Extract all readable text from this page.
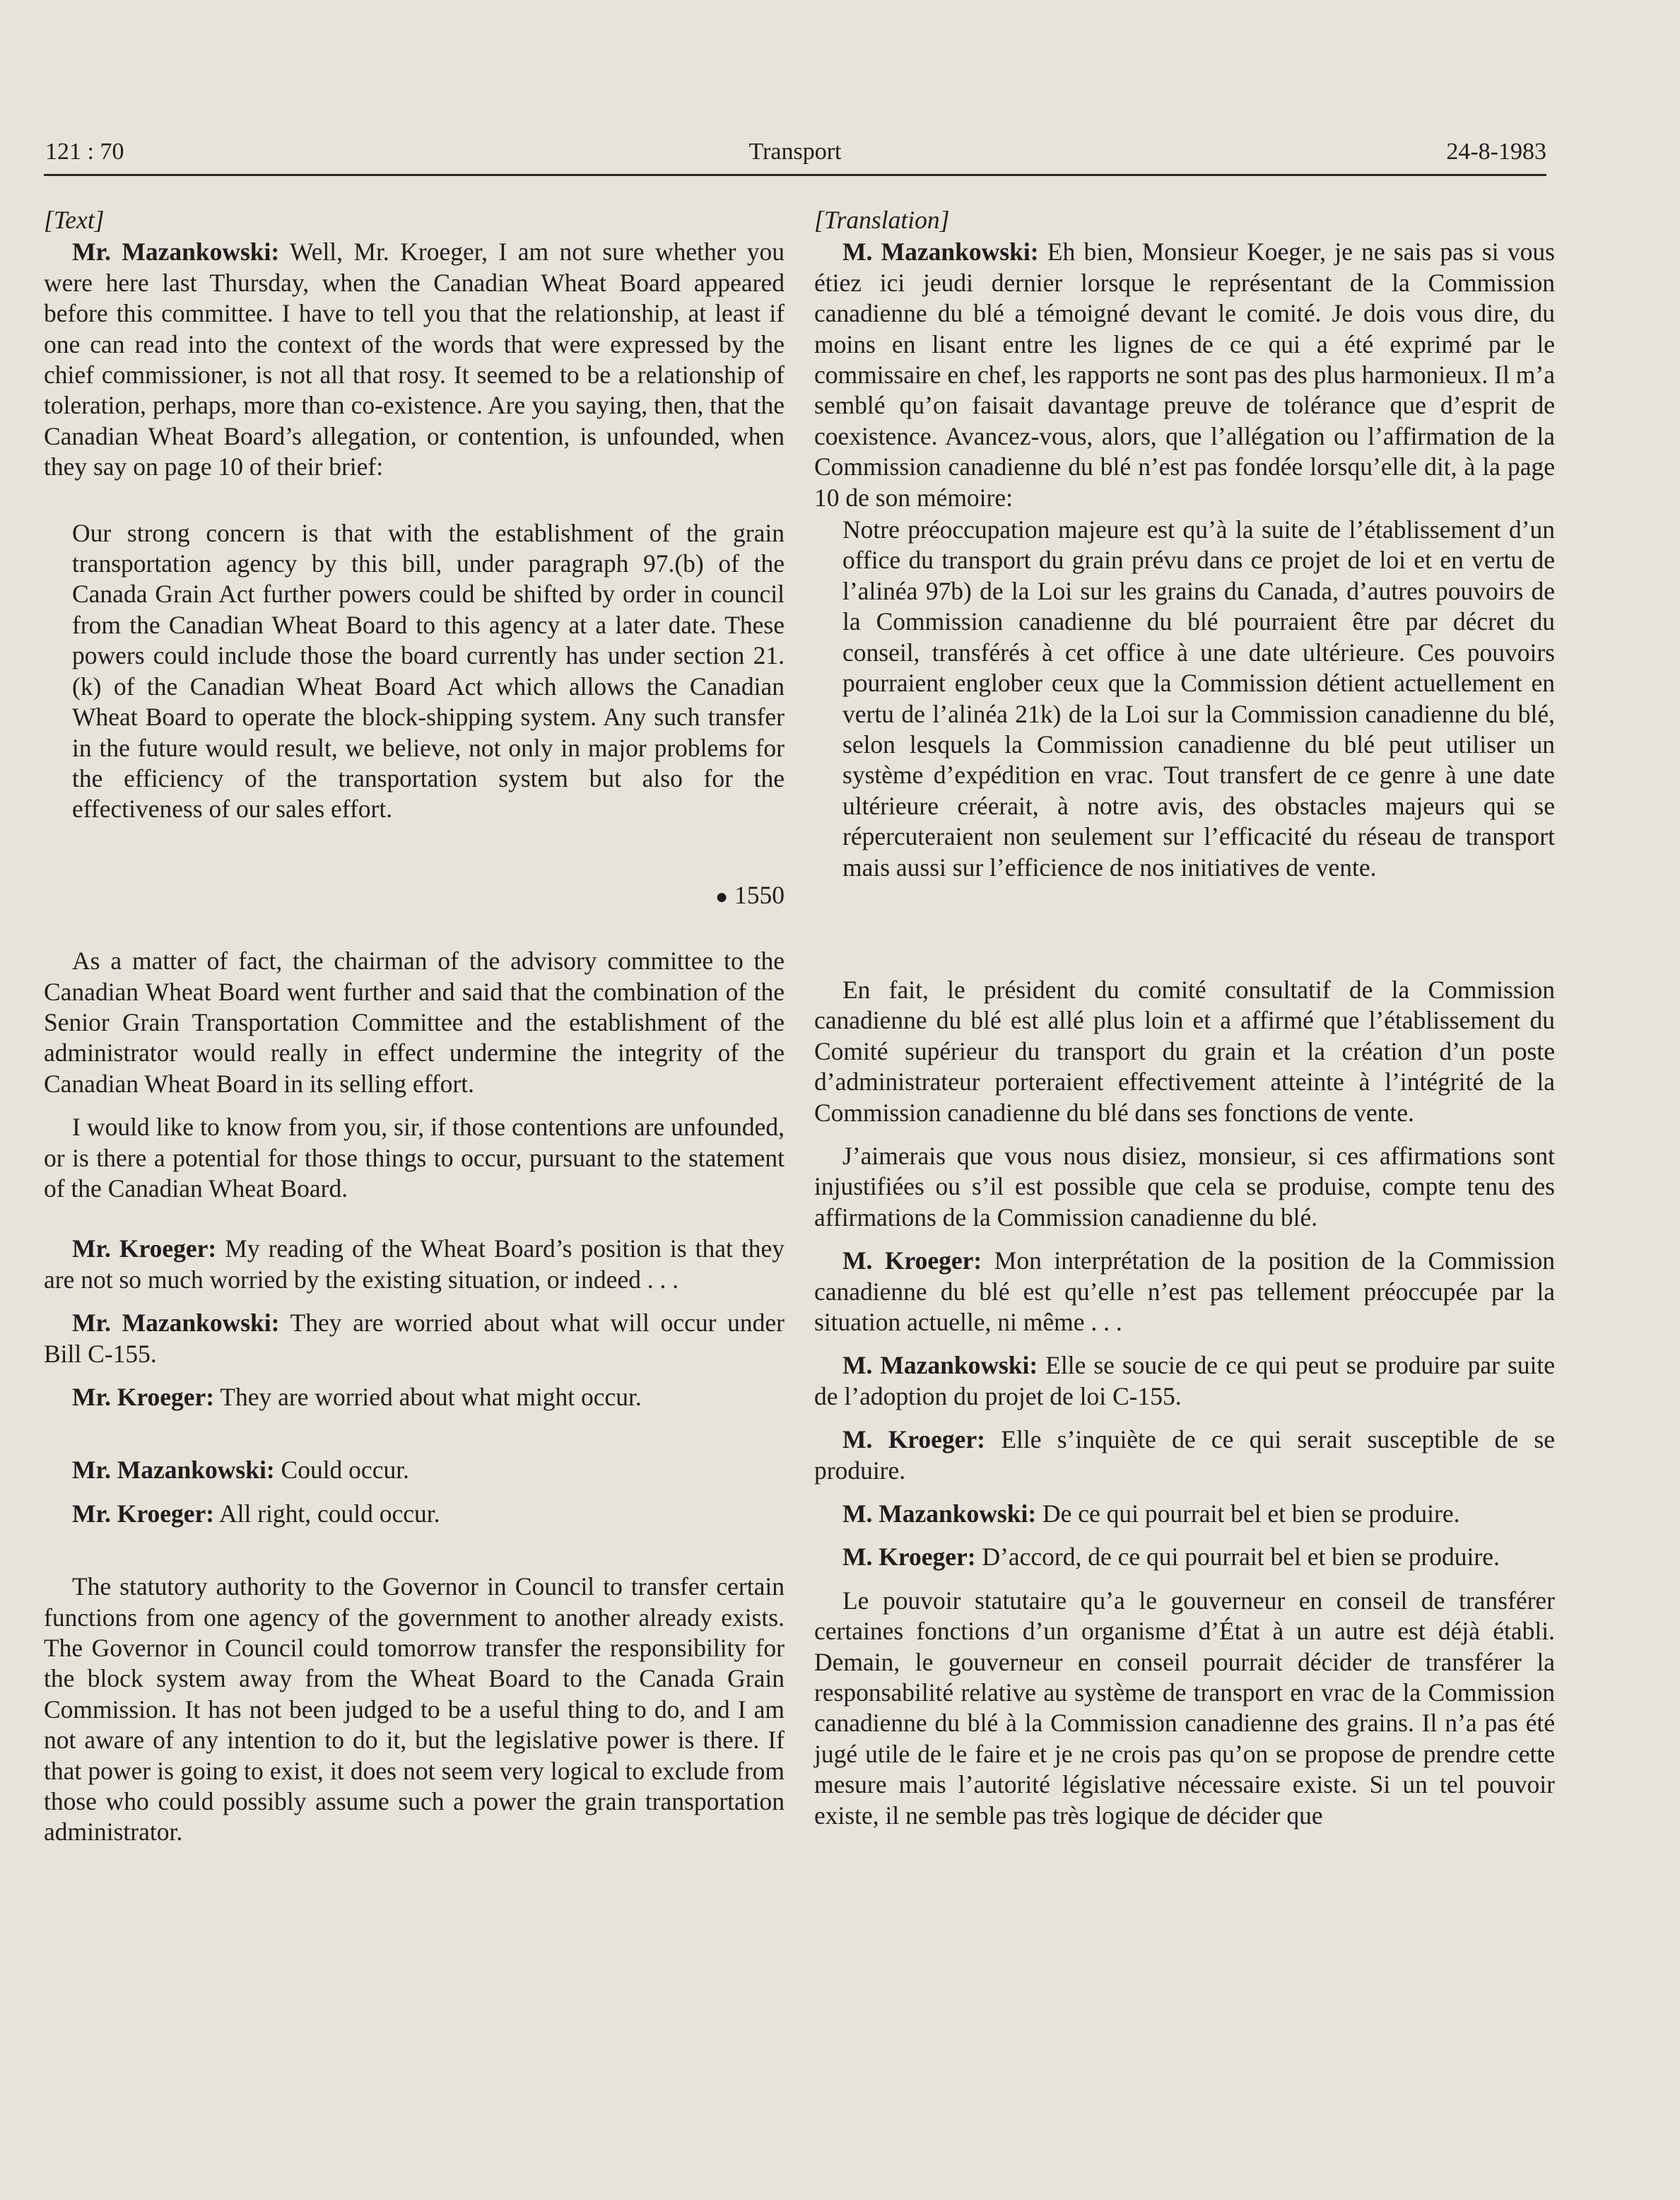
121 : 70	Transport	24-8-1983

[Text]

Mr. Mazankowski: Well, Mr. Kroeger, I am not sure whether you were here last Thursday, when the Canadian Wheat Board appeared before this committee. I have to tell you that the relationship, at least if one can read into the context of the words that were expressed by the chief commissioner, is not all that rosy. It seemed to be a relationship of toleration, perhaps, more than co-existence. Are you saying, then, that the Canadian Wheat Board’s allegation, or contention, is unfounded, when they say on page 10 of their brief:

Our strong concern is that with the establishment of the grain transportation agency by this bill, under paragraph 97.(b) of the Canada Grain Act further powers could be shifted by order in council from the Canadian Wheat Board to this agency at a later date. These powers could include those the board currently has under section 21.(k) of the Canadian Wheat Board Act which allows the Canadian Wheat Board to operate the block-shipping system. Any such transfer in the future would result, we believe, not only in major problems for the efficiency of the transportation system but also for the effectiveness of our sales effort.

● 1550

As a matter of fact, the chairman of the advisory committee to the Canadian Wheat Board went further and said that the combination of the Senior Grain Transportation Committee and the establishment of the administrator would really in effect undermine the integrity of the Canadian Wheat Board in its selling effort.

I would like to know from you, sir, if those contentions are unfounded, or is there a potential for those things to occur, pursuant to the statement of the Canadian Wheat Board.

Mr. Kroeger: My reading of the Wheat Board’s position is that they are not so much worried by the existing situation, or indeed . . .

Mr. Mazankowski: They are worried about what will occur under Bill C-155.

Mr. Kroeger: They are worried about what might occur.

Mr. Mazankowski: Could occur.

Mr. Kroeger: All right, could occur.

The statutory authority to the Governor in Council to transfer certain functions from one agency of the government to another already exists. The Governor in Council could tomorrow transfer the responsibility for the block system away from the Wheat Board to the Canada Grain Commission. It has not been judged to be a useful thing to do, and I am not aware of any intention to do it, but the legislative power is there. If that power is going to exist, it does not seem very logical to exclude from those who could possibly assume such a power the grain transportation administrator.

[Translation]

M. Mazankowski: Eh bien, Monsieur Koeger, je ne sais pas si vous étiez ici jeudi dernier lorsque le représentant de la Commission canadienne du blé a témoigné devant le comité. Je dois vous dire, du moins en lisant entre les lignes de ce qui a été exprimé par le commissaire en chef, les rapports ne sont pas des plus harmonieux. Il m’a semblé qu’on faisait davantage preuve de tolérance que d’esprit de coexistence. Avancez-vous, alors, que l’allégation ou l’affirmation de la Commission canadienne du blé n’est pas fondée lorsqu’elle dit, à la page 10 de son mémoire:

Notre préoccupation majeure est qu’à la suite de l’établissement d’un office du transport du grain prévu dans ce projet de loi et en vertu de l’alinéa 97b) de la Loi sur les grains du Canada, d’autres pouvoirs de la Commission canadienne du blé pourraient être par décret du conseil, transférés à cet office à une date ultérieure. Ces pouvoirs pourraient englober ceux que la Commission détient actuellement en vertu de l’alinéa 21k) de la Loi sur la Commission canadienne du blé, selon lesquels la Commission canadienne du blé peut utiliser un système d’expédition en vrac. Tout transfert de ce genre à une date ultérieure créerait, à notre avis, des obstacles majeurs qui se répercuteraient non seulement sur l’efficacité du réseau de transport mais aussi sur l’efficience de nos initiatives de vente.

En fait, le président du comité consultatif de la Commission canadienne du blé est allé plus loin et a affirmé que l’établissement du Comité supérieur du transport du grain et la création d’un poste d’administrateur porteraient effectivement atteinte à l’intégrité de la Commission canadienne du blé dans ses fonctions de vente.

J’aimerais que vous nous disiez, monsieur, si ces affirmations sont injustifiées ou s’il est possible que cela se produise, compte tenu des affirmations de la Commission canadienne du blé.

M. Kroeger: Mon interprétation de la position de la Commission canadienne du blé est qu’elle n’est pas tellement préoccupée par la situation actuelle, ni même . . .

M. Mazankowski: Elle se soucie de ce qui peut se produire par suite de l’adoption du projet de loi C-155.

M. Kroeger: Elle s’inquiète de ce qui serait susceptible de se produire.

M. Mazankowski: De ce qui pourrait bel et bien se produire.

M. Kroeger: D’accord, de ce qui pourrait bel et bien se produire.

Le pouvoir statutaire qu’a le gouverneur en conseil de transférer certaines fonctions d’un organisme d’État à un autre est déjà établi. Demain, le gouverneur en conseil pourrait décider de transférer la responsabilité relative au système de transport en vrac de la Commission canadienne du blé à la Commission canadienne des grains. Il n’a pas été jugé utile de le faire et je ne crois pas qu’on se propose de prendre cette mesure mais l’autorité législative nécessaire existe. Si un tel pouvoir existe, il ne semble pas très logique de décider que
